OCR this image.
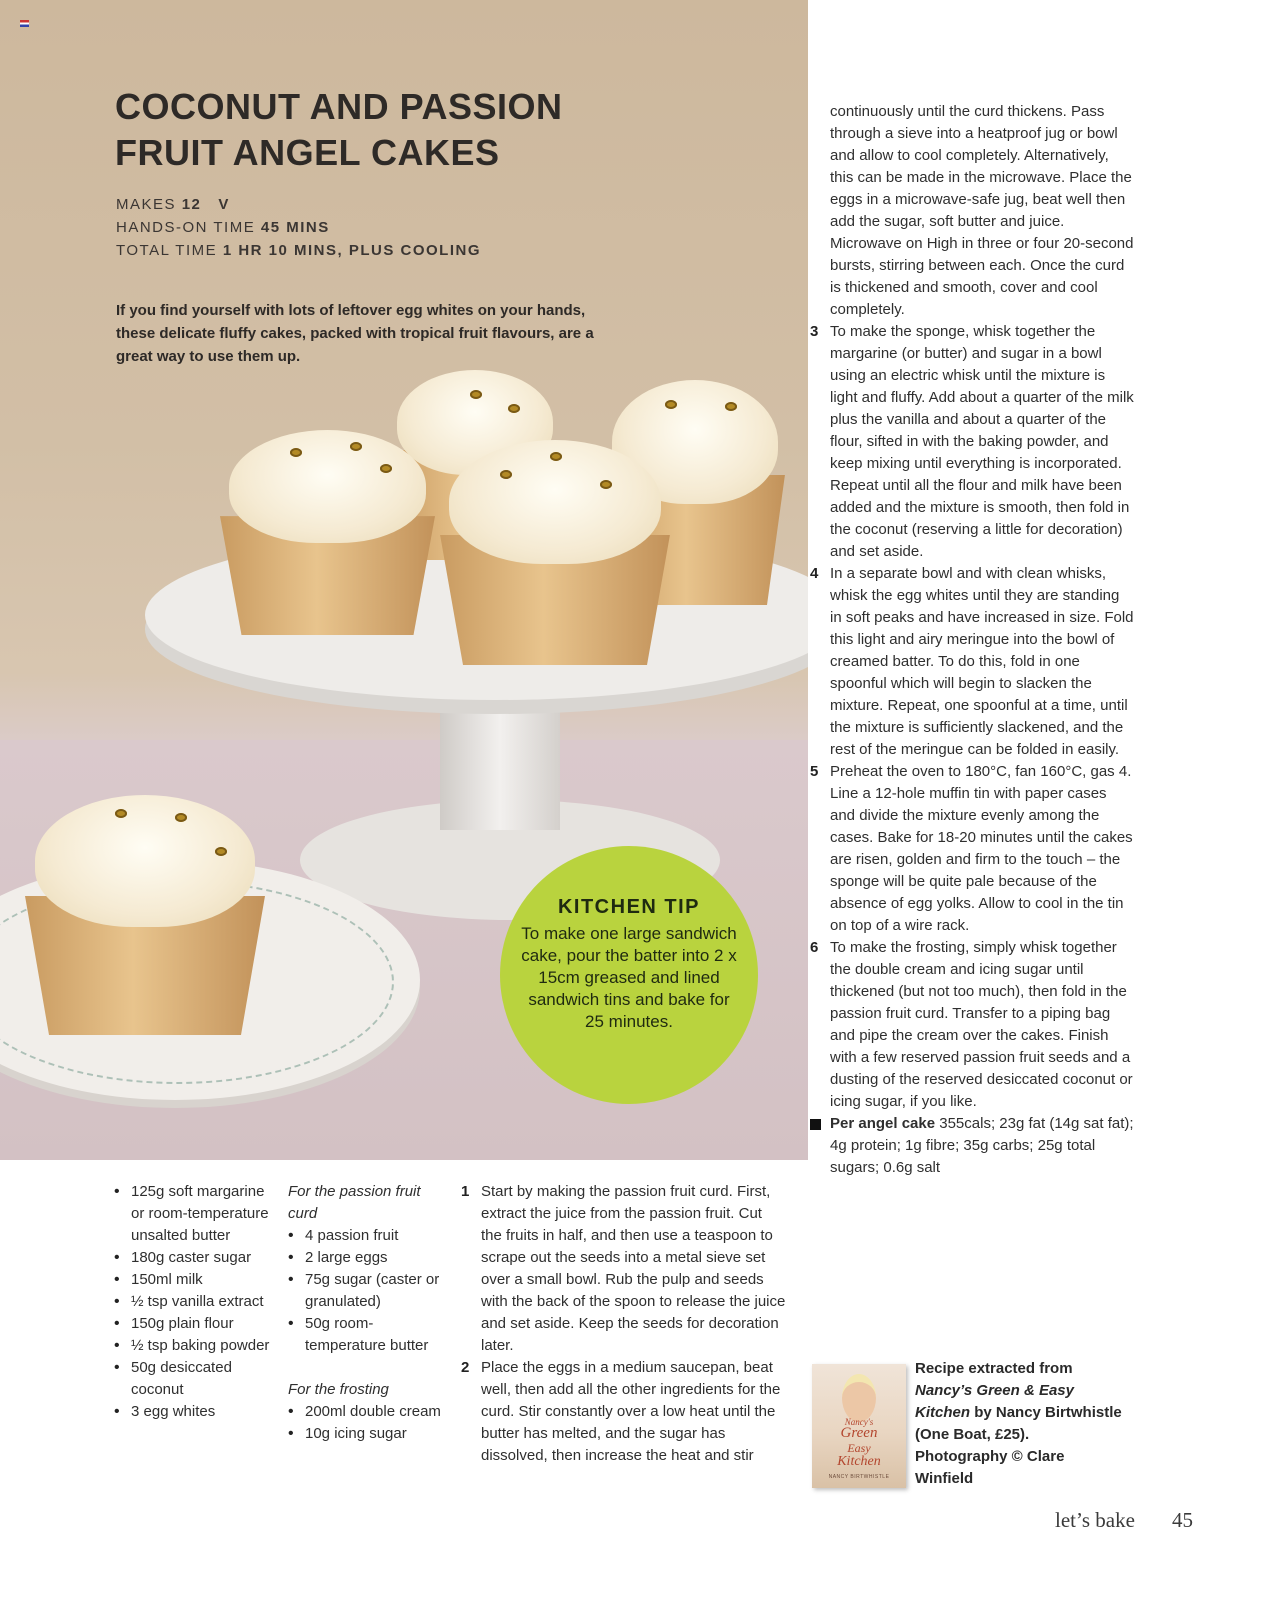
COCONUT AND PASSION
FRUIT ANGEL CAKES
MAKES 12 V
HANDS-ON TIME 45 MINS
TOTAL TIME 1 HR 10 MINS, PLUS COOLING

If you find yourself with lots of leftover egg whites on your hands, these delicate fluffy cakes, packed with tropical fruit flavours, are a great way to use them up.

KITCHEN TIP

To make one large sandwich cake, pour the batter into 2 x 15cm greased and lined sandwich tins and bake for 25 minutes.

• 125g soft margarine or room-temperature unsalted butter
• 180g caster sugar
• 150ml milk
• ½ tsp vanilla extract
• 150g plain flour
• ½ tsp baking powder
• 50g desiccated coconut
• 3 egg whites
For the passion fruit curd
• 4 passion fruit
• 2 large eggs
• 75g sugar (caster or granulated)
• 50g room-temperature butter
For the frosting
• 200ml double cream
• 10g icing sugar
1 Start by making the passion fruit curd. First, extract the juice from the passion fruit. Cut the fruits in half, and then use a teaspoon to scrape out the seeds into a metal sieve set over a small bowl. Rub the pulp and seeds with the back of the spoon to release the juice and set aside. Keep the seeds for decoration later.
2 Place the eggs in a medium saucepan, beat well, then add all the other ingredients for the curd. Stir constantly over a low heat until the butter has melted, and the sugar has dissolved, then increase the heat and stir
continuously until the curd thickens. Pass through a sieve into a heatproof jug or bowl and allow to cool completely. Alternatively, this can be made in the microwave. Place the eggs in a microwave-safe jug, beat well then add the sugar, soft butter and juice. Microwave on High in three or four 20-second bursts, stirring between each. Once the curd is thickened and smooth, cover and cool completely.
3 To make the sponge, whisk together the margarine (or butter) and sugar in a bowl using an electric whisk until the mixture is light and fluffy. Add about a quarter of the milk plus the vanilla and about a quarter of the flour, sifted in with the baking powder, and keep mixing until everything is incorporated. Repeat until all the flour and milk have been added and the mixture is smooth, then fold in the coconut (reserving a little for decoration) and set aside.
4 In a separate bowl and with clean whisks, whisk the egg whites until they are standing in soft peaks and have increased in size. Fold this light and airy meringue into the bowl of creamed batter. To do this, fold in one spoonful which will begin to slacken the mixture. Repeat, one spoonful at a time, until the mixture is sufficiently slackened, and the rest of the meringue can be folded in easily.
5 Preheat the oven to 180°C, fan 160°C, gas 4. Line a 12-hole muffin tin with paper cases and divide the mixture evenly among the cases. Bake for 18-20 minutes until the cakes are risen, golden and firm to the touch – the sponge will be quite pale because of the absence of egg yolks. Allow to cool in the tin on top of a wire rack.
6 To make the frosting, simply whisk together the double cream and icing sugar until thickened (but not too much), then fold in the passion fruit curd. Transfer to a piping bag and pipe the cream over the cakes. Finish with a few reserved passion fruit seeds and a dusting of the reserved desiccated coconut or icing sugar, if you like.
Per angel cake 355cals; 23g fat (14g sat fat); 4g protein; 1g fibre; 35g carbs; 25g total sugars; 0.6g salt
Nancy's
Green
Easy
Kitchen
NANCY BIRTWHISTLE
Recipe extracted from Nancy’s Green & Easy Kitchen by Nancy Birtwhistle (One Boat, £25). Photography © Clare Winfield
let’s bake 45
